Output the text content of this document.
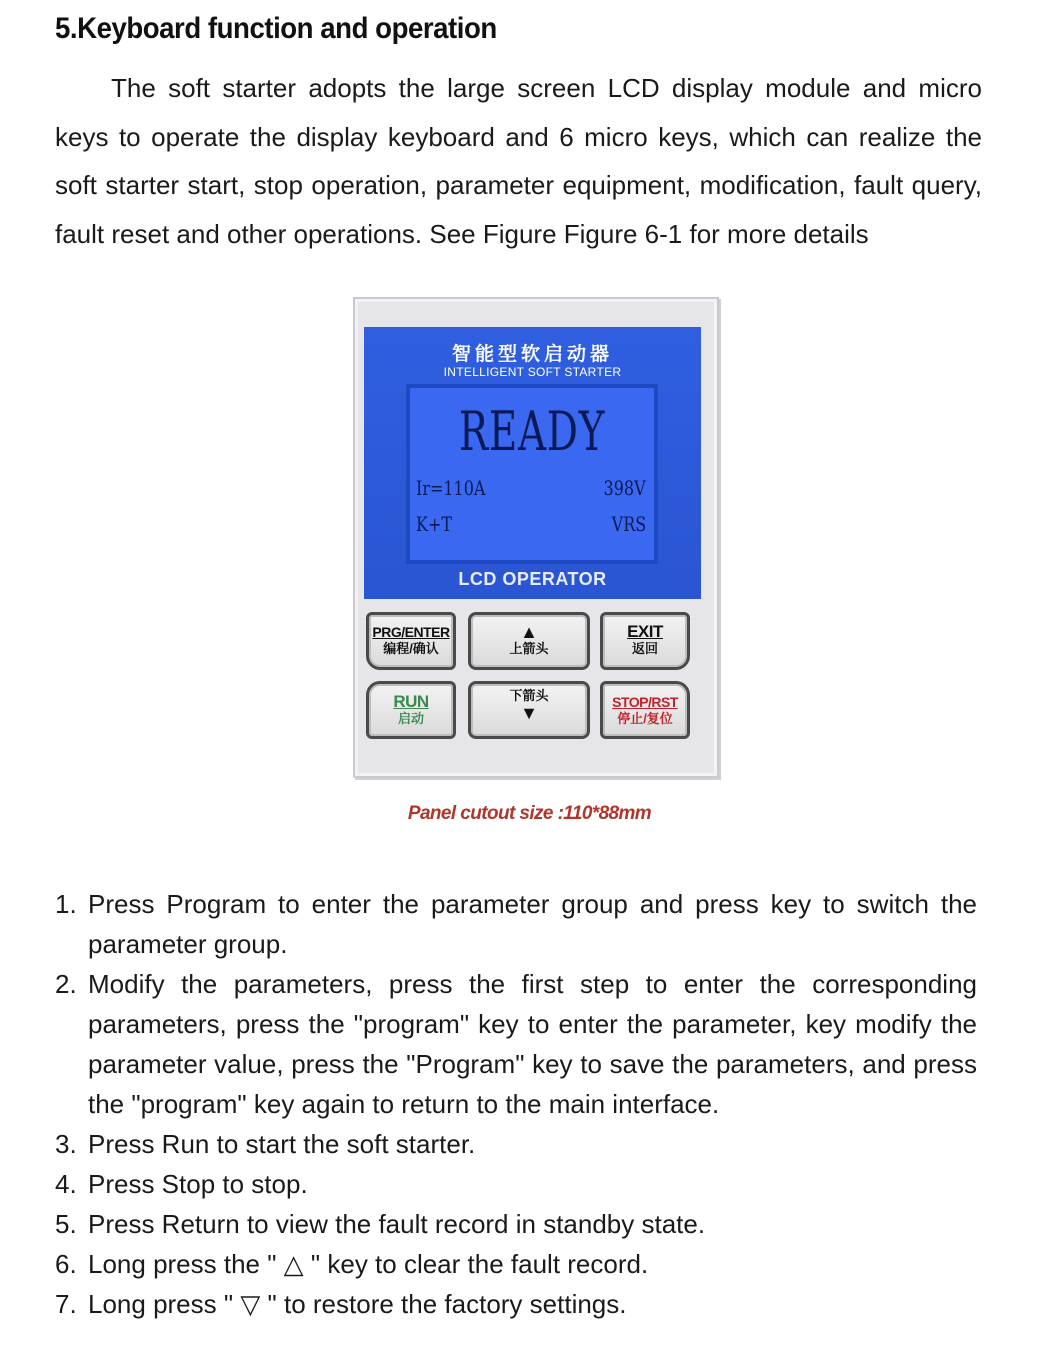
5.Keyboard function and operation

The soft starter adopts the large screen LCD display module and micro keys to operate the display keyboard and 6 micro keys, which can realize the soft starter start, stop operation, parameter equipment, modification, fault query, fault reset and other operations. See Figure Figure 6-1 for more details

智能型软启动器
INTELLIGENT SOFT STARTER
READY
Ir=110A	398V
K+T	VRS
LCD OPERATOR
PRG/ENTER
编程/确认
▲
上箭头
EXIT
返回
RUN
启动
下箭头
▼
STOP/RST
停止/复位
Panel cutout size :110*88mm
1. Press Program to enter the parameter group and press key to switch the parameter group.
2. Modify the parameters, press the first step to enter the corresponding parameters, press the "program" key to enter the parameter, key modify the parameter value, press the "Program" key to save the parameters, and press the "program" key again to return to the main interface.
3. Press Run to start the soft starter.
4. Press Stop to stop.
5. Press Return to view the fault record in standby state.
6. Long press the " △ " key to clear the fault record.
7. Long press " ▽ " to restore the factory settings.
